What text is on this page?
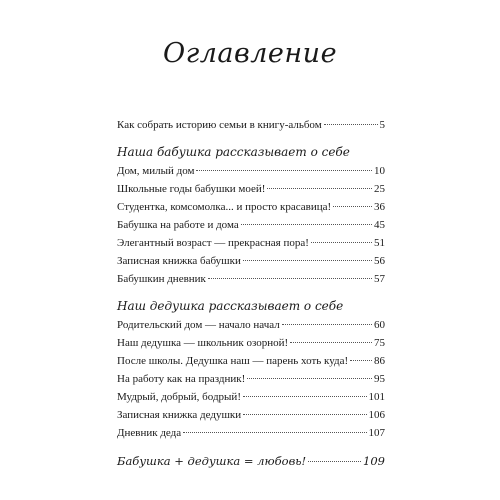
Оглавление
Как собрать историю семьи в книгу-альбом	5
Наша бабушка рассказывает о себе
Дом, милый дом	10
Школьные годы бабушки моей!	25
Студентка, комсомолка... и просто красавица!	36
Бабушка на работе и дома	45
Элегантный возраст — прекрасная пора!	51
Записная книжка бабушки	56
Бабушкин дневник	57
Наш дедушка рассказывает о себе
Родительский дом — начало начал	60
Наш дедушка — школьник озорной!	75
После школы. Дедушка наш — парень хоть куда! 86
На работу как на праздник!	95
Мудрый, добрый, бодрый!	101
Записная книжка дедушки	106
Дневник деда	107
Бабушка + дедушка = любовь!	109
